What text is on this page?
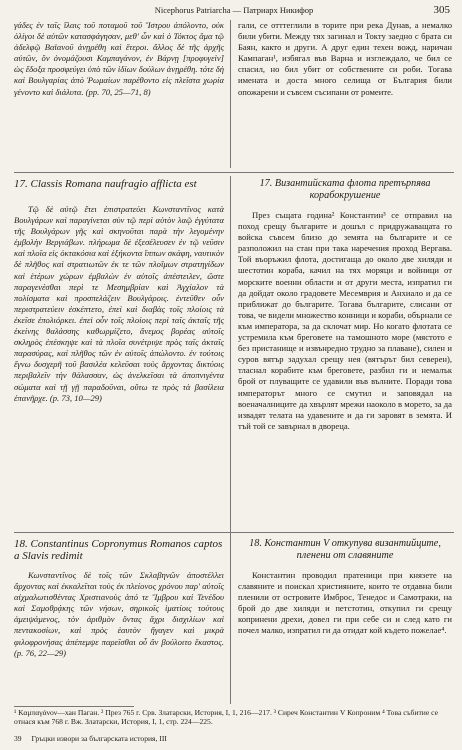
Nicephorus Patriarcha — Патриарх Никифор	305

γάδες ἐν ταῖς ἴλαις τοῦ ποταμοῦ τοῦ Ἴστρου ἀπόλοντο, οὐκ ὀλίγοι δὲ αὐτῶν κατασφάγησαν, μεθ' ὧν καὶ ὁ Τόκτος ἅμα τῷ ἀδελφῷ Βαϊανοῦ ἀνῃρέθη καὶ ἕτεροι. ἄλλος δὲ τῆς ἀρχῆς αὐτῶν, ὃν ὀνομάζουσι Καμπαγάνον, ἐν Βάρνῃ [προφυγεὶν] ὡς ἔδοξα προσφεύγει ὑπὸ τῶν ἰδίων δούλων ἀνῃρέθη. τότε δὴ καὶ Βουλγαρίας ἀπὸ Ῥωμαίων παρέθοντο εἰς πλεῖστα χωρία γένοντο καὶ διάλυτα. (pp. 70, 25—71, 8)

гали, се отттеглили в торите при река Дунав, а немалко били убити. Между тях загинал и Токту заедно с брата си Баян, както и други. А друг един техен вожд, наричан Кампаган¹, избягал във Варна и изглеждало, че бил се спасил, но бил убит от собствените си роби. Тогава имената и доста много селища от България били опожарени и съвсем съсипани от ромеите.

17. Classis Romana naufragio afflicta est

Τῷ δὲ αὐτῷ ἔτει ἐπιστρατεύει Κωνσταντῖνος κατὰ Βουλγάρων καὶ παραγίνεται σὺν τῷ περὶ αὐτὸν λαῷ ἐγγύτατα τῆς Βουλγάρων γῆς καὶ σκηνοῦται παρὰ τὴν λεγομένην ἐμβολὴν Βεργιάβων. πλήρωμα δὲ ἐξεσέλευσεν ἐν τῷ νεῦσιν καὶ πλοῖα εἰς ὀκτακόσια καὶ ἑξήκοντα ἵππων σκάφη, ναυτικὸν δὲ πλῆθος καὶ στρατιωτῶν ἐκ τε τῶν πλοΐμων στρατηγίδων καὶ ἑτέρων χώρων ἐμβαλὼν ἐν αὐτοῖς ἀπέστειλεν, ὥστε παραγενέσθαι περὶ τε Μεσημβρίαν καὶ Ἀγχίαλον τὰ πολίσματα καὶ προσπελάζειν Βουλγάροις. ἐντεῦθεν οὖν περιστρατεύειν ἐσκέπτετο, ἐπεὶ καὶ διαβὰς τοῖς πλοίοις τὰ ἐκεῖσε ἐπολιόρκει. ἐπεὶ οὖν τοῖς πλοίοις περὶ ταῖς ἀκταῖς τῆς ἐκείνης θαλάσσης καθωρμίζετο, ἄνεμος βορέας αὐτοῖς σκληρὸς ἐπέσκηψε καὶ τὰ πλοῖα συνέτριψε πρὸς ταῖς ἀκταῖς παρασύρας, καὶ πλῆθος τῶν ἐν αὐτοῖς ἀπώλοντο. ἐν τούτοις ἔγνω δυσχερῆ τοῦ βασιλέα κελεῦσαι τοὺς ἄρχοντας δικτύοις περιβαλεῖν τὴν θάλασσαν, ὡς ἀνελκεῖσαι τὰ ἀποπνιγέντα σώματα καὶ τῇ γῇ παραδοῦναι, οὕτω τε πρὸς τὰ βασίλεια ἐπανῆρχε. (p. 73, 10—29)

17. Византийската флота претърпява корабокрушение

През същата година² Константин³ се отправил на поход срещу българите и дошъл с придружаващата го войска съвсем близо до земята на българите и се разположил на стан при така наречения проход Вергава. Той въоръжил флота, достигаща до около две хиляди и шестотин кораба, качил на тях моряци и войници от морските военни области и от други места, изпратил ги да дойдат около градовете Месемврия и Анхиало и да се приближат до българите. Тогава българите, слисани от това, че видели множество конници и кораби, обърнали се към императора, за да склочат мир. Но когато флотата се устремила към бреговете на тамошното море (мястото е без пристанище и извънредно трудно за плаване), силен и суров вятър задухал срещу нея (вятърът бил северен), тласнал корабите към бреговете, разбил ги и немалък брой от плуващите се удавили във вълните. Поради това императорът много се смутил и заповядал на военачалниците да хвърлят мрежи наоколо в морето, за да извадят телата на удавените и да ги заровят в земята. И тъй той се завърнал в двореца.

18. Constantinus Copronymus Romanos captos a Slavis redimit

Κωνσταντῖνος δὲ τοῖς τῶν Σκλαβηνῶν ἀποστέλλει ἄρχοντας καὶ ἐκκαλεῖται τοὺς ἐκ πλείονος χρόνου παρ' αὐτοῖς αἰχμαλωτισθέντας Χριστιανοὺς ἀπό τε Ἴμβρου καὶ Τενέδου καὶ Σαμοθρᾴκης τῶν νήσων, σηρικοῖς ἱματίοις τούτους ἀμειψάμενος, τὸν ἀριθμὸν ὄντας ἄχρι δισχιλίων καὶ πεντακοσίων, καὶ πρὸς ἑαυτὸν ἤγαγεν καὶ μικρὰ φιλοφρονήσας ἀπέπεμψε παρεῖσθαι οὗ ἂν βούλοιτο ἕκαστος. (p. 76, 22—29)

18. Константин V откупува византийците, пленени от славяните

Константин проводил пратеници при князете на славяните и поискал християните, които те отдавна били пленили от островите Имброс, Тенедос и Самотраки, на брой до две хиляди и петстотин, откупил ги срещу копринени дрехи, довел ги при себе си и след като ги почел малко, изпратил ги да отидат кой където пожелае⁴.

¹ Καμπαγάνον—хан Паган. ² През 765 г. Срв. Златарски, История, I, 1, 216—217. ³ Сиреч Константин V Копроним ⁴ Това събитие се отнася към 768 г. Вж. Златарски, История, I, 1, стр. 224—225.

39 Гръцки извори за българската история, III
